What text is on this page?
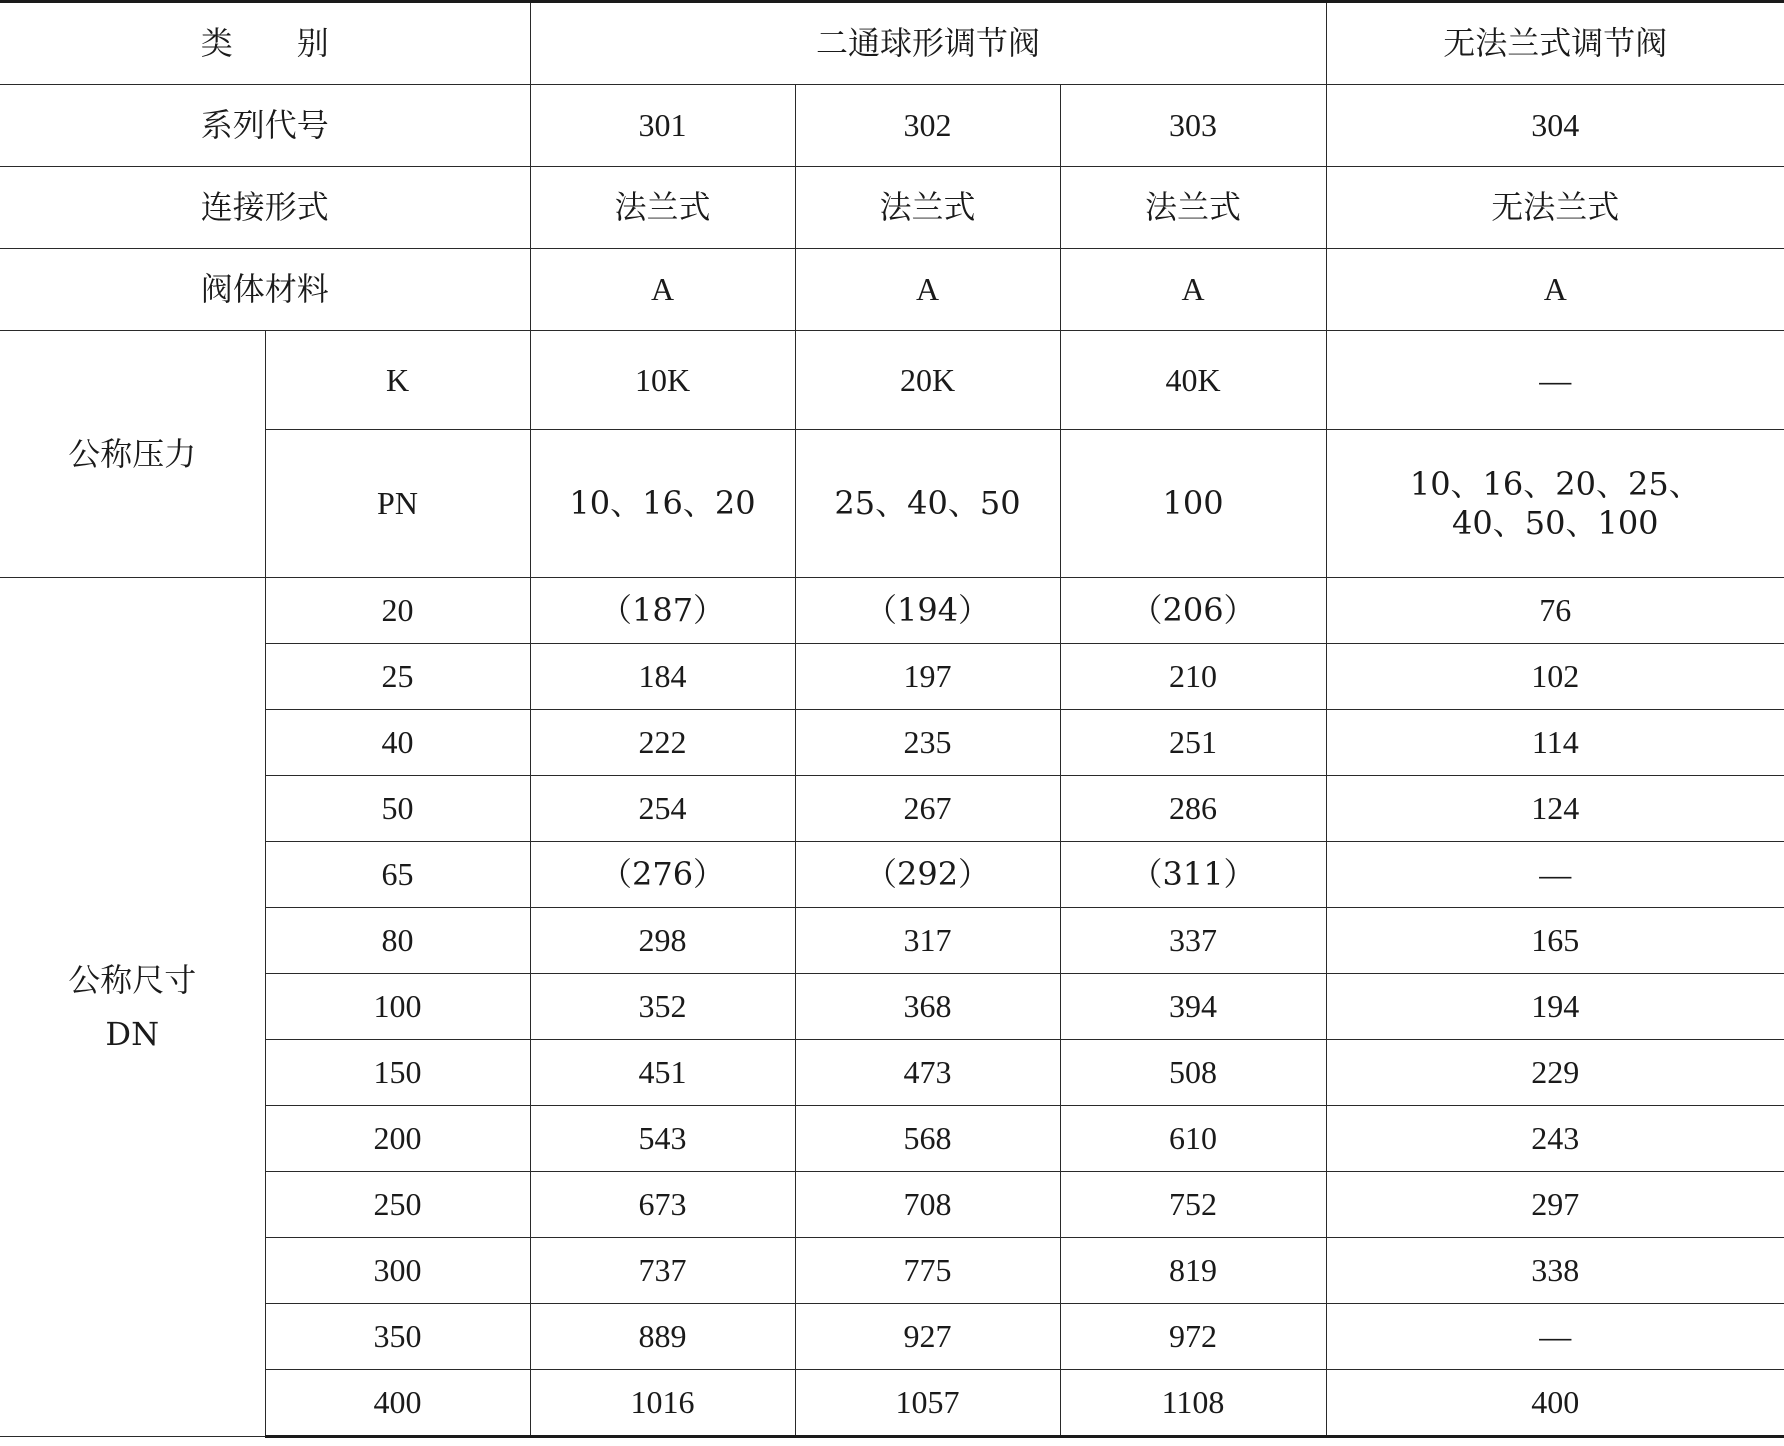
类　　别		二通球形调节阀			无法兰式调节阀
系列代号		301	302	303	304
连接形式		法兰式	法兰式	法兰式	无法兰式
阀体材料		A	A	A	A
公称压力	K	10K	20K	40K	—
	PN	10、16、20	25、40、50	100	10、16、20、25、
40、50、100

公称尺寸
DN	20	（187）	（194）	（206）	76
	25	184	197	210	102
	40	222	235	251	114
	50	254	267	286	124
	65	（276）	（292）	（311）	—
	80	298	317	337	165
	100	352	368	394	194
	150	451	473	508	229
	200	543	568	610	243
	250	673	708	752	297
	300	737	775	819	338
	350	889	927	972	—
	400	1016	1057	1108	400
